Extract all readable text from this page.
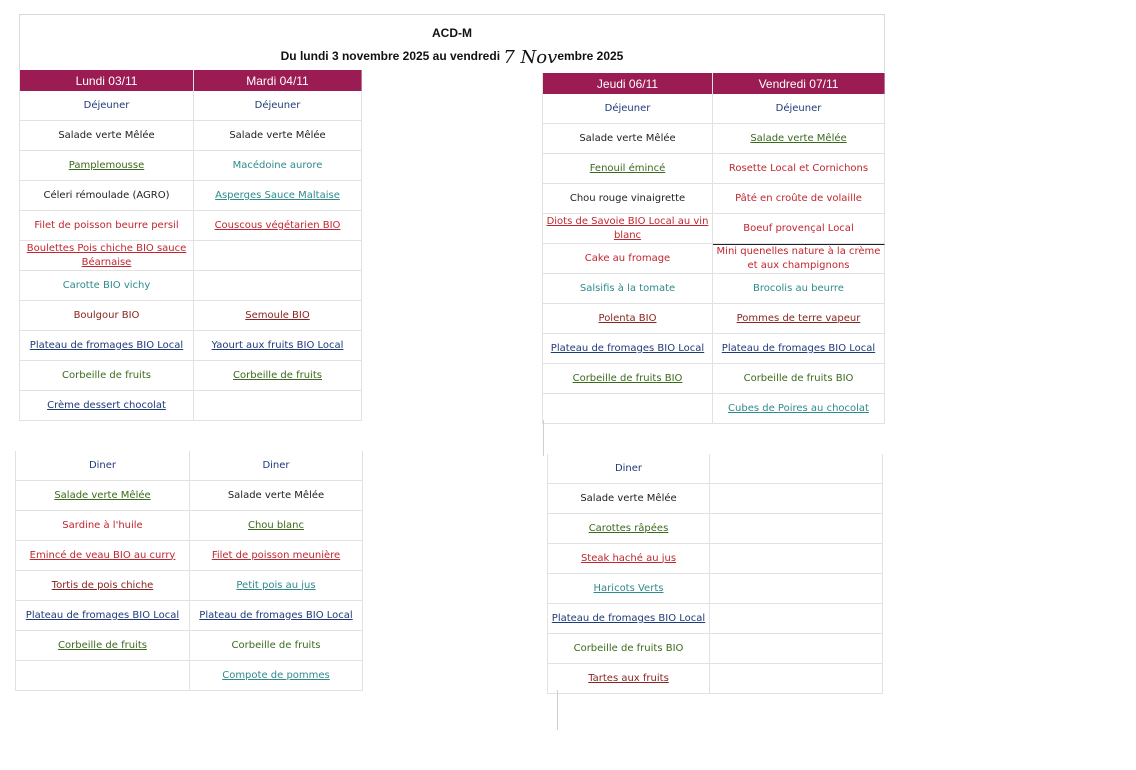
ACD-M
Du lundi 3 novembre 2025 au vendredi 7 Novembre 2025
Lundi 03/11
Déjeuner
Salade verte Mêlée
Pamplemousse
Céleri rémoulade (AGRO)
Filet de poisson beurre persil
Boulettes Pois chiche BIO sauce Béarnaise
Carotte BIO vichy
Boulgour BIO
Plateau de fromages BIO Local
Corbeille de fruits
Crème dessert chocolat
Mardi 04/11
Déjeuner
Salade verte Mêlée
Macédoine aurore
Asperges Sauce Maltaise
Couscous végétarien BIO
Semoule BIO
Yaourt aux fruits BIO Local
Corbeille de fruits
Jeudi 06/11
Déjeuner
Salade verte Mêlée
Fenouil émincé
Chou rouge vinaigrette
Diots de Savoie BIO Local au vin blanc
Cake au fromage
Salsifis à la tomate
Polenta BIO
Plateau de fromages BIO Local
Corbeille de fruits BIO
Vendredi 07/11
Déjeuner
Salade verte Mêlée
Rosette Local et Cornichons
Pâté en croûte de volaille
Boeuf provençal Local
Mini quenelles nature à la crème et aux champignons
Brocolis au beurre
Pommes de terre vapeur
Plateau de fromages BIO Local
Corbeille de fruits BIO
Cubes de Poires au chocolat
Diner
Salade verte Mêlée
Sardine à l'huile
Emincé de veau BIO au curry
Tortis de pois chiche
Plateau de fromages BIO Local
Corbeille de fruits
Diner
Salade verte Mêlée
Chou blanc
Filet de poisson meunière
Petit pois au jus
Plateau de fromages BIO Local
Corbeille de fruits
Compote de pommes
Diner
Salade verte Mêlée
Carottes râpées
Steak haché au jus
Haricots Verts
Plateau de fromages BIO Local
Corbeille de fruits BIO
Tartes aux fruits
